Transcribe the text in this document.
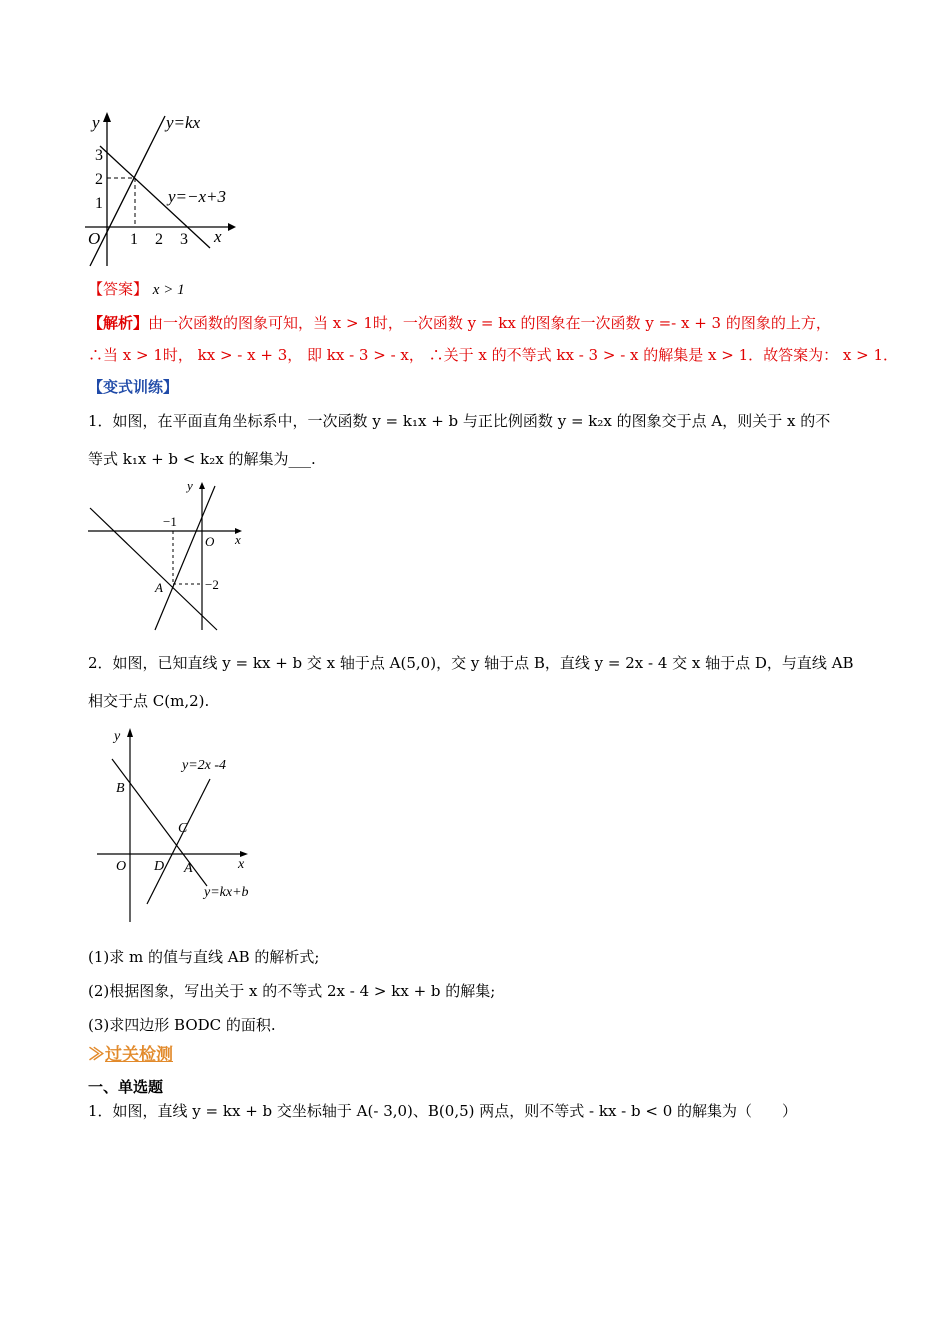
y
x
O
3
2
1
1 2 3
y=kx
y=−x+3
【答案】 x > 1
【解析】由一次函数的图象可知，当 x > 1时，一次函数 y = kx 的图象在一次函数 y =- x + 3 的图象的上方，
∴当 x > 1时， kx > - x + 3， 即 kx - 3 > - x， ∴关于 x 的不等式 kx - 3 > - x 的解集是 x > 1．故答案为： x > 1．
【变式训练】
1．如图，在平面直角坐标系中，一次函数 y = k₁x + b 与正比例函数 y = k₂x 的图象交于点 A，则关于 x 的不
等式 k₁x + b < k₂x 的解集为___.
y
x
O
−1
−2
A
2．如图，已知直线 y = kx + b 交 x 轴于点 A(5,0)，交 y 轴于点 B，直线 y = 2x - 4 交 x 轴于点 D，与直线 AB
相交于点 C(m,2).
y
x
O
B
C
D A
y=2x -4
y=kx+b
(1)求 m 的值与直线 AB 的解析式;
(2)根据图象，写出关于 x 的不等式 2x - 4 > kx + b 的解集;
(3)求四边形 BODC 的面积.
≫过关检测
一、单选题
1．如图，直线 y = kx + b 交坐标轴于 A(- 3,0)、B(0,5) 两点，则不等式 - kx - b < 0 的解集为（　　）
